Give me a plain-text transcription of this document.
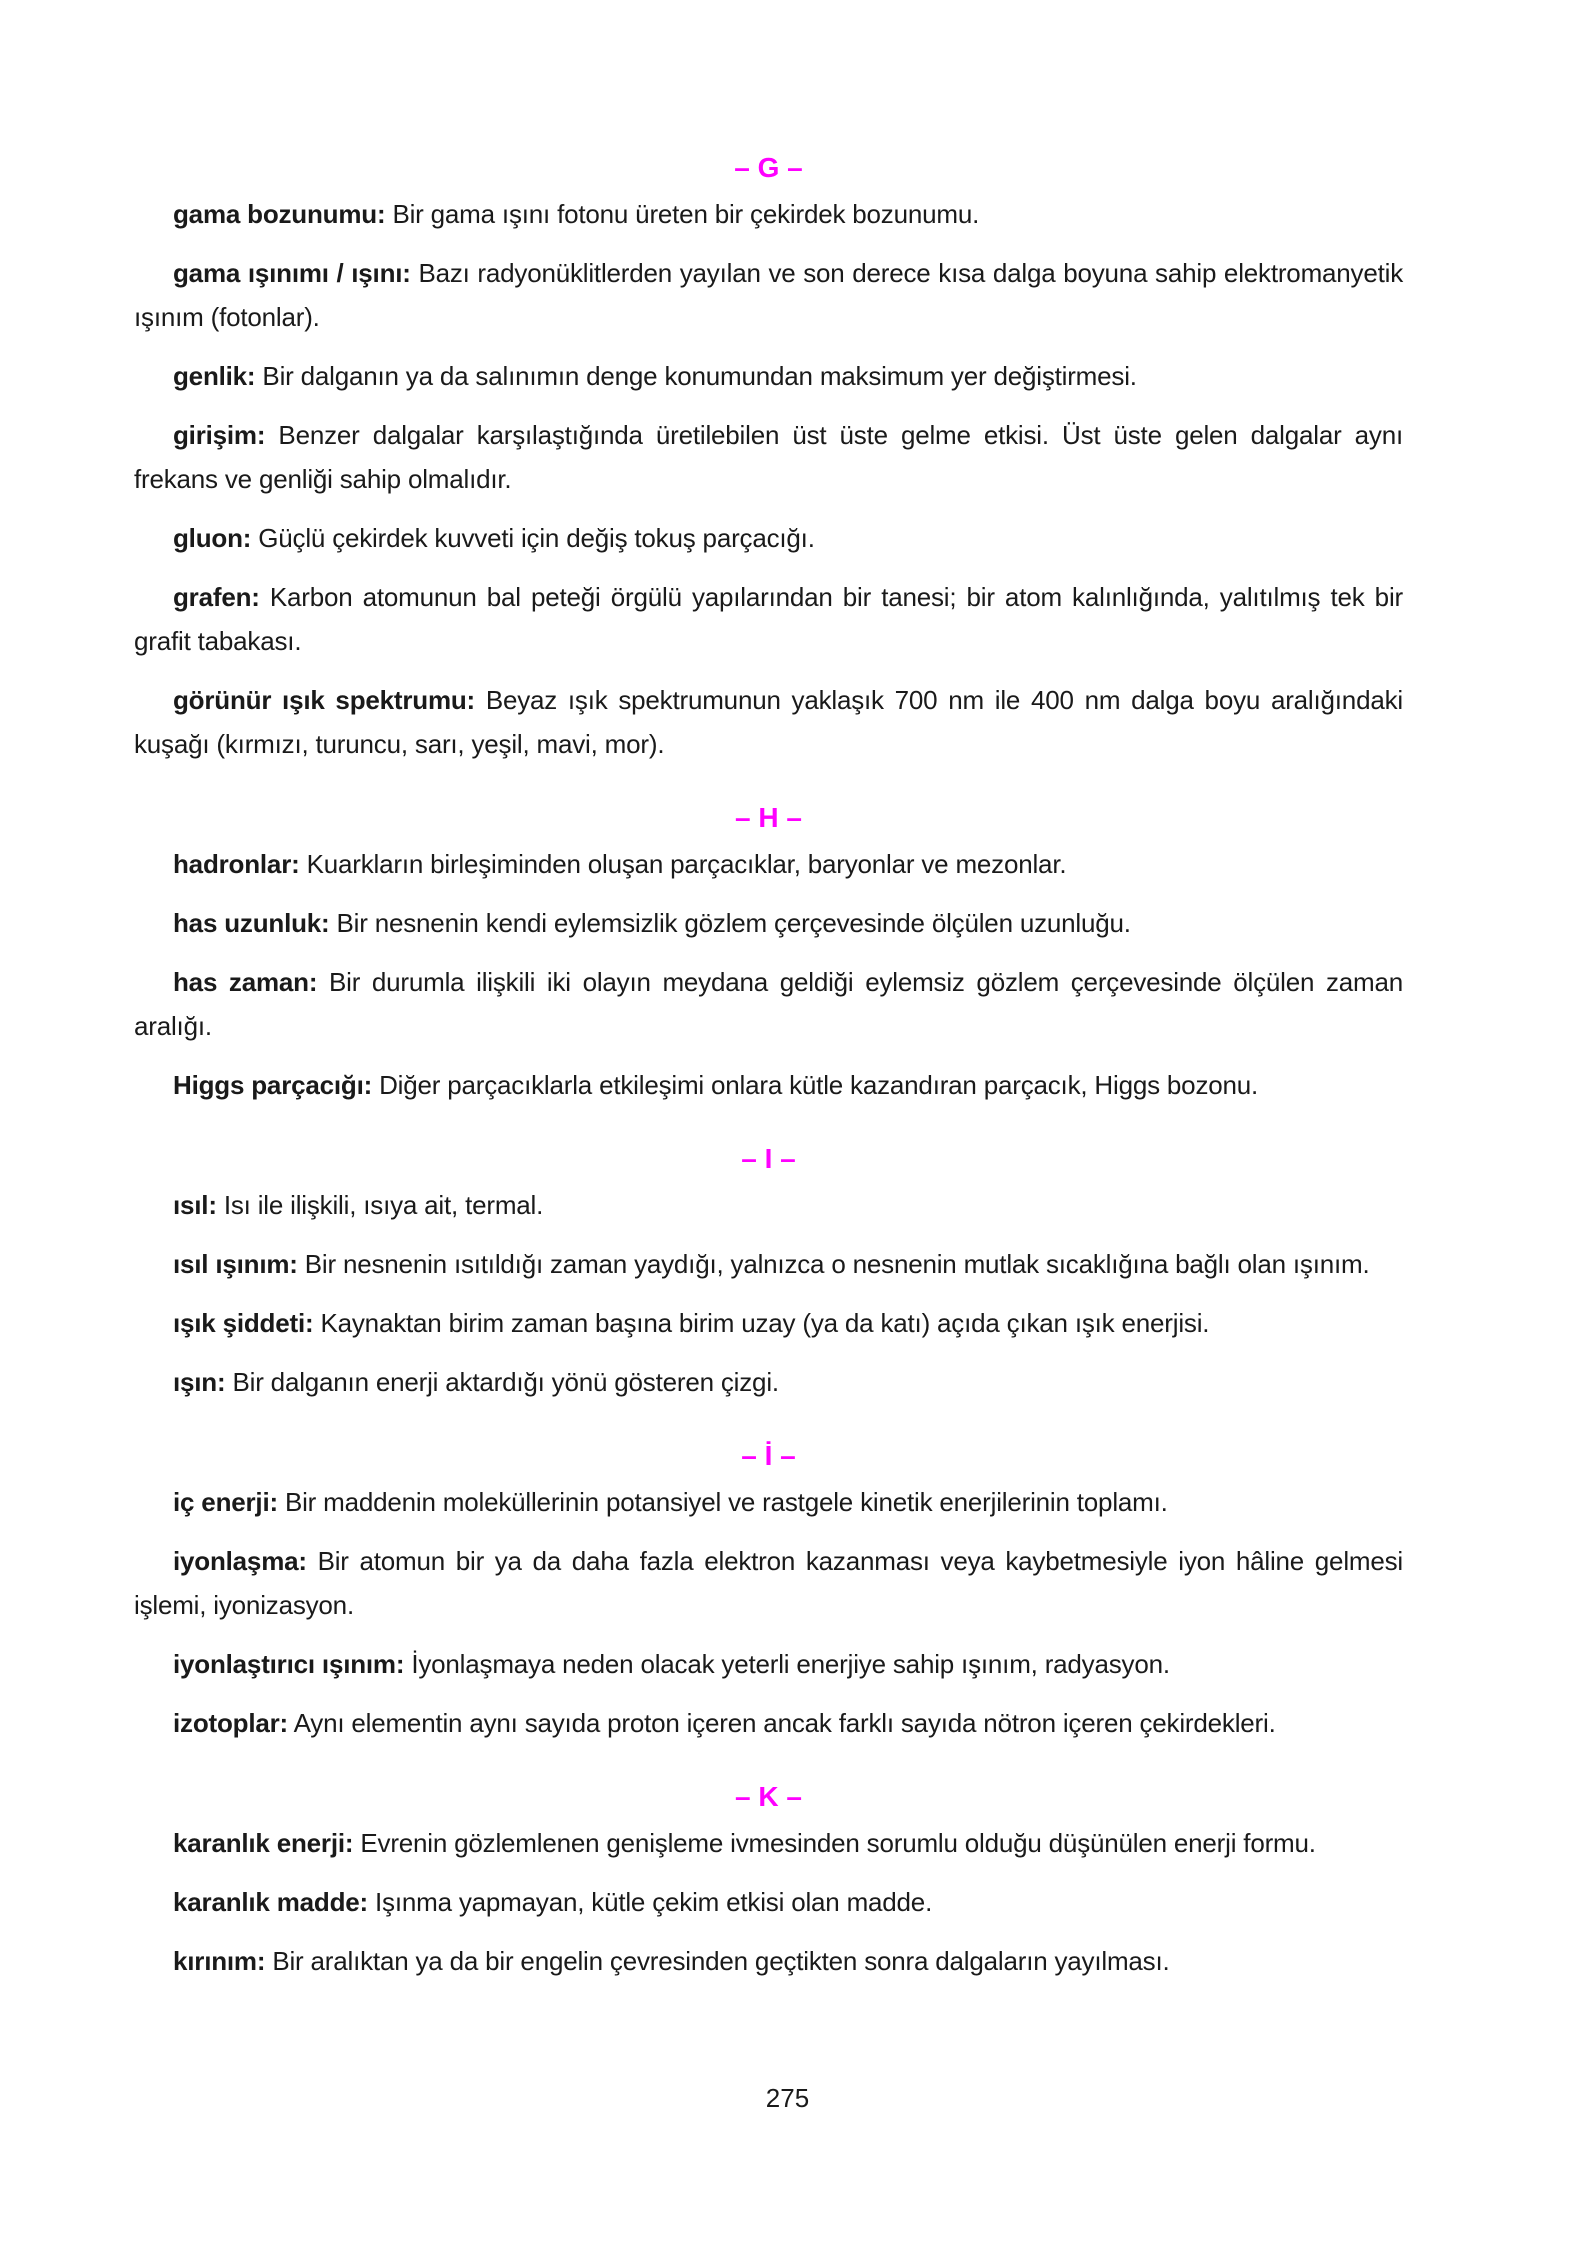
– G –
gama bozunumu: Bir gama ışını fotonu üreten bir çekirdek bozunumu.
gama ışınımı / ışını: Bazı radyonüklitlerden yayılan ve son derece kısa dalga boyuna sahip elektromanyetik ışınım (fotonlar).
genlik: Bir dalganın ya da salınımın denge konumundan maksimum yer değiştirmesi.
girişim: Benzer dalgalar karşılaştığında üretilebilen üst üste gelme etkisi. Üst üste gelen dalgalar aynı frekans ve genliği sahip olmalıdır.
gluon: Güçlü çekirdek kuvveti için değiş tokuş parçacığı.
grafen: Karbon atomunun bal peteği örgülü yapılarından bir tanesi; bir atom kalınlığında, yalıtılmış tek bir grafit tabakası.
görünür ışık spektrumu: Beyaz ışık spektrumunun yaklaşık 700 nm ile 400 nm dalga boyu aralığındaki kuşağı (kırmızı, turuncu, sarı, yeşil, mavi, mor).
– H –
hadronlar: Kuarkların birleşiminden oluşan parçacıklar, baryonlar ve mezonlar.
has uzunluk: Bir nesnenin kendi eylemsizlik gözlem çerçevesinde ölçülen uzunluğu.
has zaman: Bir durumla ilişkili iki olayın meydana geldiği eylemsiz gözlem çerçevesinde ölçülen zaman aralığı.
Higgs parçacığı: Diğer parçacıklarla etkileşimi onlara kütle kazandıran parçacık, Higgs bozonu.
– I –
ısıl: Isı ile ilişkili, ısıya ait, termal.
ısıl ışınım: Bir nesnenin ısıtıldığı zaman yaydığı, yalnızca o nesnenin mutlak sıcaklığına bağlı olan ışınım.
ışık şiddeti: Kaynaktan birim zaman başına birim uzay (ya da katı) açıda çıkan ışık enerjisi.
ışın: Bir dalganın enerji aktardığı yönü gösteren çizgi.
– İ –
iç enerji: Bir maddenin moleküllerinin potansiyel ve rastgele kinetik enerjilerinin toplamı.
iyonlaşma: Bir atomun bir ya da daha fazla elektron kazanması veya kaybetmesiyle iyon hâline gelmesi işlemi, iyonizasyon.
iyonlaştırıcı ışınım: İyonlaşmaya neden olacak yeterli enerjiye sahip ışınım, radyasyon.
izotoplar: Aynı elementin aynı sayıda proton içeren ancak farklı sayıda nötron içeren çekirdekleri.
– K –
karanlık enerji: Evrenin gözlemlenen genişleme ivmesinden sorumlu olduğu düşünülen enerji formu.
karanlık madde: Işınma yapmayan, kütle çekim etkisi olan madde.
kırınım: Bir aralıktan ya da bir engelin çevresinden geçtikten sonra dalgaların yayılması.
275
